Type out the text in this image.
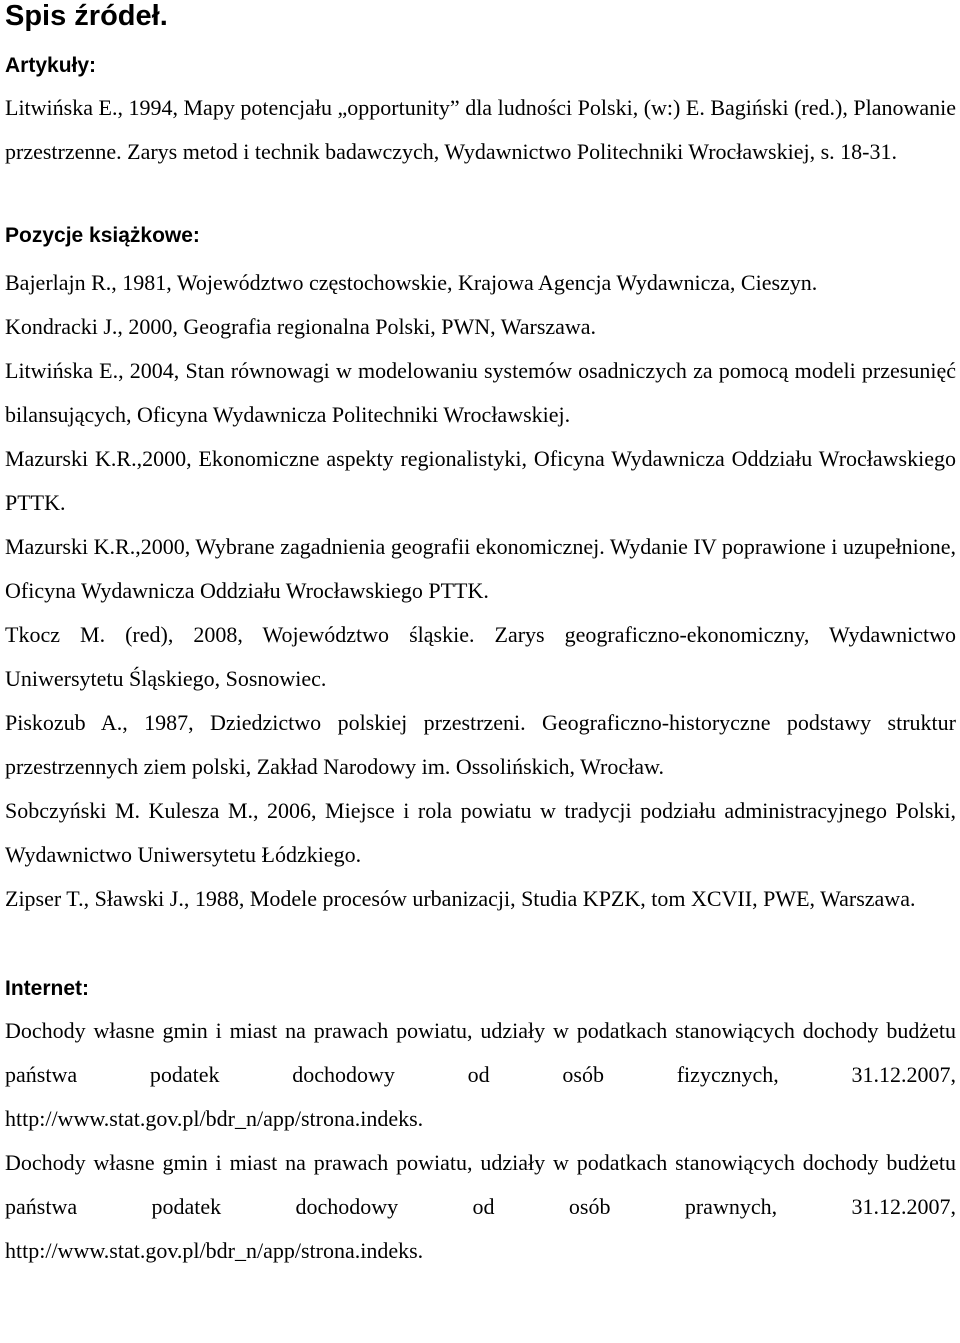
Spis źródeł.
Artykuły:

Litwińska E., 1994, Mapy potencjału „opportunity” dla ludności Polski, (w:) E. Bagiński (red.), Planowanie przestrzenne. Zarys metod i technik badawczych, Wydawnictwo Politechniki Wrocławskiej, s. 18-31.

Pozycje książkowe:

Bajerlajn R., 1981, Województwo częstochowskie, Krajowa Agencja Wydawnicza, Cieszyn.

Kondracki J., 2000, Geografia regionalna Polski, PWN, Warszawa.

Litwińska E., 2004, Stan równowagi w modelowaniu systemów osadniczych za pomocą modeli przesunięć bilansujących, Oficyna Wydawnicza Politechniki Wrocławskiej.

Mazurski K.R.,2000, Ekonomiczne aspekty regionalistyki, Oficyna Wydawnicza Oddziału Wrocławskiego PTTK.

Mazurski K.R.,2000, Wybrane zagadnienia geografii ekonomicznej. Wydanie IV poprawione i uzupełnione, Oficyna Wydawnicza Oddziału Wrocławskiego PTTK.

Tkocz M. (red), 2008, Województwo śląskie. Zarys geograficzno-ekonomiczny, Wydawnictwo Uniwersytetu Śląskiego, Sosnowiec.

Piskozub A., 1987, Dziedzictwo polskiej przestrzeni. Geograficzno-historyczne podstawy struktur przestrzennych ziem polski, Zakład Narodowy im. Ossolińskich, Wrocław.

Sobczyński M. Kulesza M., 2006, Miejsce i rola powiatu w tradycji podziału administracyjnego Polski, Wydawnictwo Uniwersytetu Łódzkiego.

Zipser T., Sławski J., 1988, Modele procesów urbanizacji, Studia KPZK, tom XCVII, PWE, Warszawa.

Internet:

Dochody własne gmin i miast na prawach powiatu, udziały w podatkach stanowiących dochody budżetu państwa podatek dochodowy od osób fizycznych, 31.12.2007, http://www.stat.gov.pl/bdr_n/app/strona.indeks.

Dochody własne gmin i miast na prawach powiatu, udziały w podatkach stanowiących dochody budżetu państwa podatek dochodowy od osób prawnych, 31.12.2007, http://www.stat.gov.pl/bdr_n/app/strona.indeks.
